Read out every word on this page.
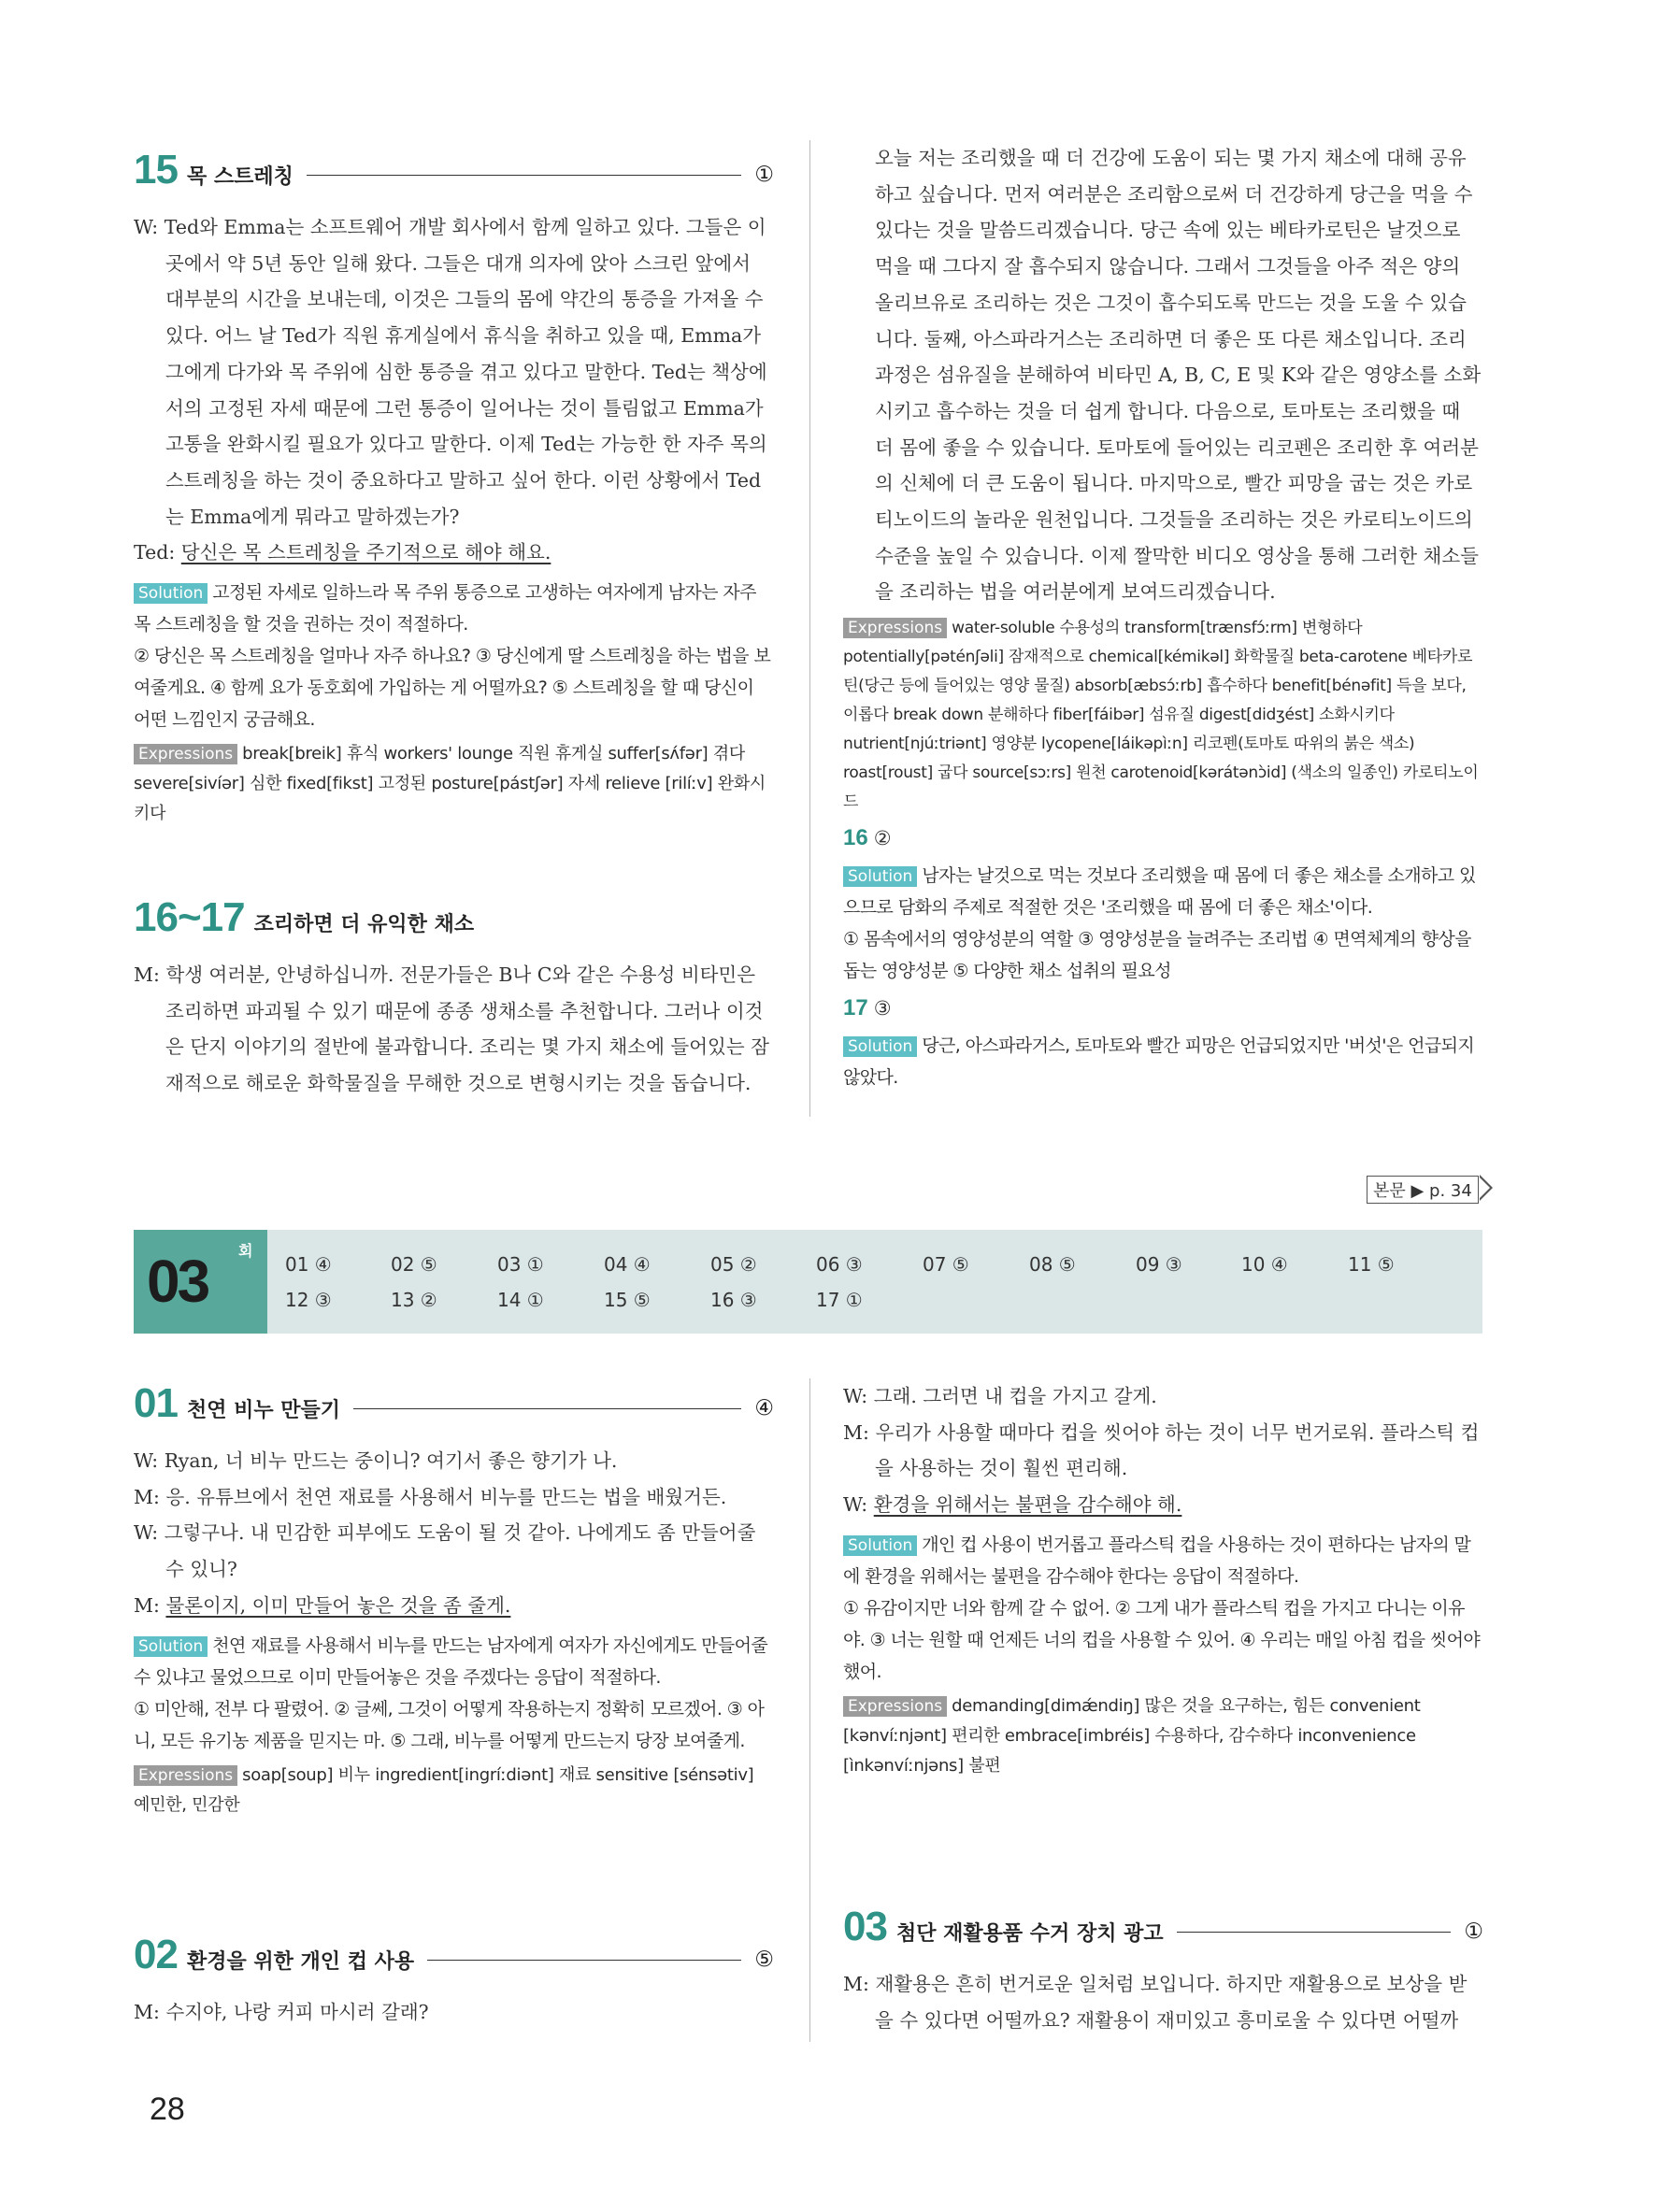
15 목 스트레칭	①

W: Ted와 Emma는 소프트웨어 개발 회사에서 함께 일하고 있다. 그들은 이 곳에서 약 5년 동안 일해 왔다. 그들은 대개 의자에 앉아 스크린 앞에서 대부분의 시간을 보내는데, 이것은 그들의 몸에 약간의 통증을 가져올 수 있다. 어느 날 Ted가 직원 휴게실에서 휴식을 취하고 있을 때, Emma가 그에게 다가와 목 주위에 심한 통증을 겪고 있다고 말한다. Ted는 책상에서의 고정된 자세 때문에 그런 통증이 일어나는 것이 틀림없고 Emma가 고통을 완화시킬 필요가 있다고 말한다. 이제 Ted는 가능한 한 자주 목의 스트레칭을 하는 것이 중요하다고 말하고 싶어 한다. 이런 상황에서 Ted는 Emma에게 뭐라고 말하겠는가?

Ted: 당신은 목 스트레칭을 주기적으로 해야 해요.

Solution 고정된 자세로 일하느라 목 주위 통증으로 고생하는 여자에게 남자는 자주 목 스트레칭을 할 것을 권하는 것이 적절하다.
② 당신은 목 스트레칭을 얼마나 자주 하나요? ③ 당신에게 딸 스트레칭을 하는 법을 보여줄게요. ④ 함께 요가 동호회에 가입하는 게 어떨까요? ⑤ 스트레칭을 할 때 당신이 어떤 느낌인지 궁금해요.
Expressions break[breik] 휴식 workers' lounge 직원 휴게실 suffer[sʌ́fər] 겪다 severe[sivíər] 심한 fixed[fikst] 고정된 posture[pástʃər] 자세 relieve [rilíːv] 완화시키다
16~17 조리하면 더 유익한 채소

M: 학생 여러분, 안녕하십니까. 전문가들은 B나 C와 같은 수용성 비타민은 조리하면 파괴될 수 있기 때문에 종종 생채소를 추천합니다. 그러나 이것은 단지 이야기의 절반에 불과합니다. 조리는 몇 가지 채소에 들어있는 잠재적으로 해로운 화학물질을 무해한 것으로 변형시키는 것을 돕습니다.

오늘 저는 조리했을 때 더 건강에 도움이 되는 몇 가지 채소에 대해 공유하고 싶습니다. 먼저 여러분은 조리함으로써 더 건강하게 당근을 먹을 수 있다는 것을 말씀드리겠습니다. 당근 속에 있는 베타카로틴은 날것으로 먹을 때 그다지 잘 흡수되지 않습니다. 그래서 그것들을 아주 적은 양의 올리브유로 조리하는 것은 그것이 흡수되도록 만드는 것을 도울 수 있습니다. 둘째, 아스파라거스는 조리하면 더 좋은 또 다른 채소입니다. 조리 과정은 섬유질을 분해하여 비타민 A, B, C, E 및 K와 같은 영양소를 소화시키고 흡수하는 것을 더 쉽게 합니다. 다음으로, 토마토는 조리했을 때 더 몸에 좋을 수 있습니다. 토마토에 들어있는 리코펜은 조리한 후 여러분의 신체에 더 큰 도움이 됩니다. 마지막으로, 빨간 피망을 굽는 것은 카로티노이드의 놀라운 원천입니다. 그것들을 조리하는 것은 카로티노이드의 수준을 높일 수 있습니다. 이제 짤막한 비디오 영상을 통해 그러한 채소들을 조리하는 법을 여러분에게 보여드리겠습니다.

Expressions water-soluble 수용성의 transform[trænsfɔ́ːrm] 변형하다 potentially[pəténʃəli] 잠재적으로 chemical[kémikəl] 화학물질 beta-carotene 베타카로틴(당근 등에 들어있는 영양 물질) absorb[æbsɔ́ːrb] 흡수하다 benefit[bénəfit] 득을 보다, 이롭다 break down 분해하다 fiber[fáibər] 섬유질 digest[didʒést] 소화시키다 nutrient[njúːtriənt] 영양분 lycopene[láikəpìːn] 리코펜(토마토 따위의 붉은 색소) roast[roust] 굽다 source[sɔːrs] 원천 carotenoid[kərátənɔ̀id] (색소의 일종인) 카로티노이드
16 ②
Solution 남자는 날것으로 먹는 것보다 조리했을 때 몸에 더 좋은 채소를 소개하고 있으므로 담화의 주제로 적절한 것은 '조리했을 때 몸에 더 좋은 채소'이다.
① 몸속에서의 영양성분의 역할 ③ 영양성분을 늘려주는 조리법 ④ 면역체계의 향상을 돕는 영양성분 ⑤ 다양한 채소 섭취의 필요성
17 ③
Solution 당근, 아스파라거스, 토마토와 빨간 피망은 언급되었지만 '버섯'은 언급되지 않았다.
본문 ▶ p. 34
03 회
01 ④	02 ⑤	03 ①	04 ④	05 ②	06 ③	07 ⑤	08 ⑤	09 ③	10 ④	11 ⑤
12 ③	13 ②	14 ①	15 ⑤	16 ③	17 ①
01 천연 비누 만들기	④

W: Ryan, 너 비누 만드는 중이니? 여기서 좋은 향기가 나.

M: 응. 유튜브에서 천연 재료를 사용해서 비누를 만드는 법을 배웠거든.

W: 그렇구나. 내 민감한 피부에도 도움이 될 것 같아. 나에게도 좀 만들어줄 수 있니?

M: 물론이지, 이미 만들어 놓은 것을 좀 줄게.

Solution 천연 재료를 사용해서 비누를 만드는 남자에게 여자가 자신에게도 만들어줄 수 있냐고 물었으므로 이미 만들어놓은 것을 주겠다는 응답이 적절하다.
① 미안해, 전부 다 팔렸어. ② 글쎄, 그것이 어떻게 작용하는지 정확히 모르겠어. ③ 아니, 모든 유기농 제품을 믿지는 마. ⑤ 그래, 비누를 어떻게 만드는지 당장 보여줄게.
Expressions soap[soup] 비누 ingredient[ingríːdiənt] 재료 sensitive [sénsətiv] 예민한, 민감한
02 환경을 위한 개인 컵 사용	⑤

M: 수지야, 나랑 커피 마시러 갈래?

W: 그래. 그러면 내 컵을 가지고 갈게.

M: 우리가 사용할 때마다 컵을 씻어야 하는 것이 너무 번거로워. 플라스틱 컵을 사용하는 것이 훨씬 편리해.

W: 환경을 위해서는 불편을 감수해야 해.

Solution 개인 컵 사용이 번거롭고 플라스틱 컵을 사용하는 것이 편하다는 남자의 말에 환경을 위해서는 불편을 감수해야 한다는 응답이 적절하다.
① 유감이지만 너와 함께 갈 수 없어. ② 그게 내가 플라스틱 컵을 가지고 다니는 이유야. ③ 너는 원할 때 언제든 너의 컵을 사용할 수 있어. ④ 우리는 매일 아침 컵을 씻어야 했어.
Expressions demanding[dimǽndiŋ] 많은 것을 요구하는, 힘든 convenient [kənvíːnjənt] 편리한 embrace[imbréis] 수용하다, 감수하다 inconvenience [ìnkənvíːnjəns] 불편
03 첨단 재활용품 수거 장치 광고	①

M: 재활용은 흔히 번거로운 일처럼 보입니다. 하지만 재활용으로 보상을 받을 수 있다면 어떨까요? 재활용이 재미있고 흥미로울 수 있다면 어떨까

28
